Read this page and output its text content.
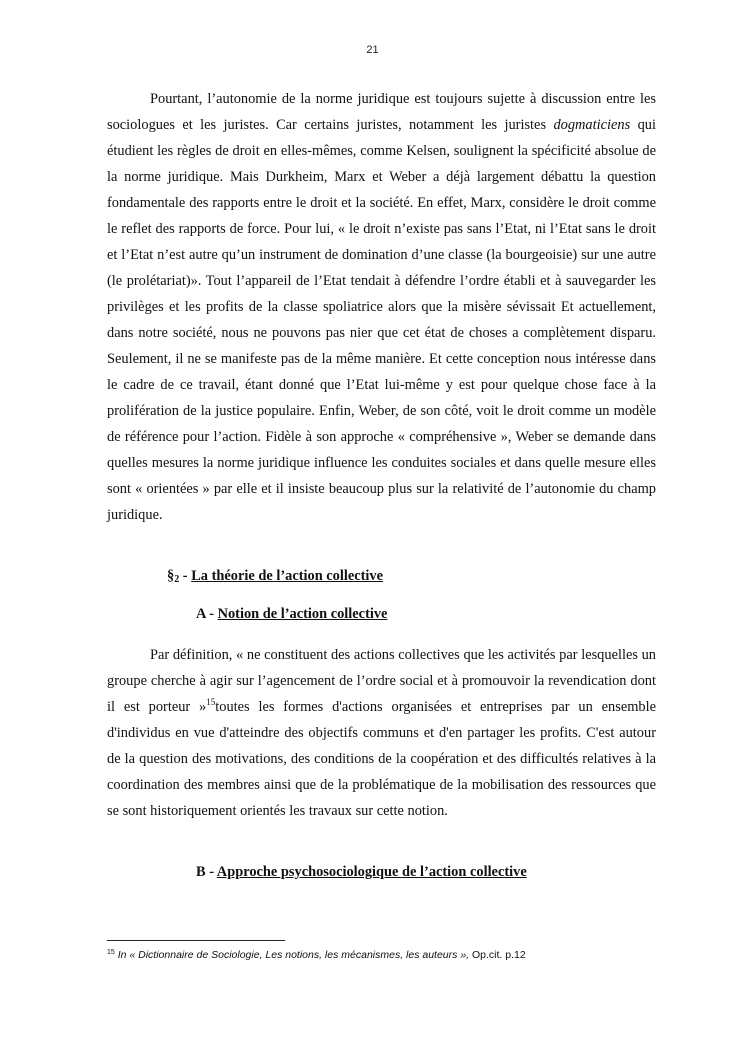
21

Pourtant, l’autonomie de la norme juridique est toujours sujette à discussion entre les sociologues et les juristes. Car certains juristes, notamment les juristes dogmaticiens qui étudient les règles de droit en elles-mêmes, comme Kelsen, soulignent la spécificité absolue de la norme juridique. Mais Durkheim, Marx et Weber a déjà largement débattu la question fondamentale des rapports entre le droit et la société. En effet, Marx, considère le droit comme le reflet des rapports de force. Pour lui, « le droit n’existe pas sans l’Etat, ni l’Etat sans le droit et l’Etat n’est autre qu’un instrument de domination d’une classe (la bourgeoisie) sur une autre (le prolétariat)». Tout l’appareil de l’Etat tendait à défendre l’ordre établi et à sauvegarder les privilèges et les profits de la classe spoliatrice alors que la misère sévissait Et actuellement, dans notre société, nous ne pouvons pas nier que cet état de choses a complètement disparu. Seulement, il ne se manifeste pas de la même manière. Et cette conception nous intéresse dans le cadre de ce travail, étant donné que l’Etat lui-même y est pour quelque chose face à la prolifération de la justice populaire. Enfin, Weber, de son côté, voit le droit comme un modèle de référence pour l’action. Fidèle à son approche « compréhensive », Weber se demande dans quelles mesures la norme juridique influence les conduites sociales et dans quelle mesure elles sont « orientées » par elle et il insiste beaucoup plus sur la relativité de l’autonomie du champ juridique.

$\S_2$ - La théorie de l’action collective
A - Notion de l’action collective

Par définition, « ne constituent des actions collectives que les activités par lesquelles un groupe cherche à agir sur l’agencement de l’ordre social et à promouvoir la revendication dont il est porteur »$^{15}$toutes les formes d'actions organisées et entreprises par un ensemble d'individus en vue d'atteindre des objectifs communs et d'en partager les profits. C'est autour de la question des motivations, des conditions de la coopération et des difficultés relatives à la coordination des membres ainsi que de la problématique de la mobilisation des ressources que se sont historiquement orientés les travaux sur cette notion.

B - Approche psychosociologique de l’action collective

$^{15}$ In « Dictionnaire de Sociologie, Les notions, les mécanismes, les auteurs », Op.cit. p.12
